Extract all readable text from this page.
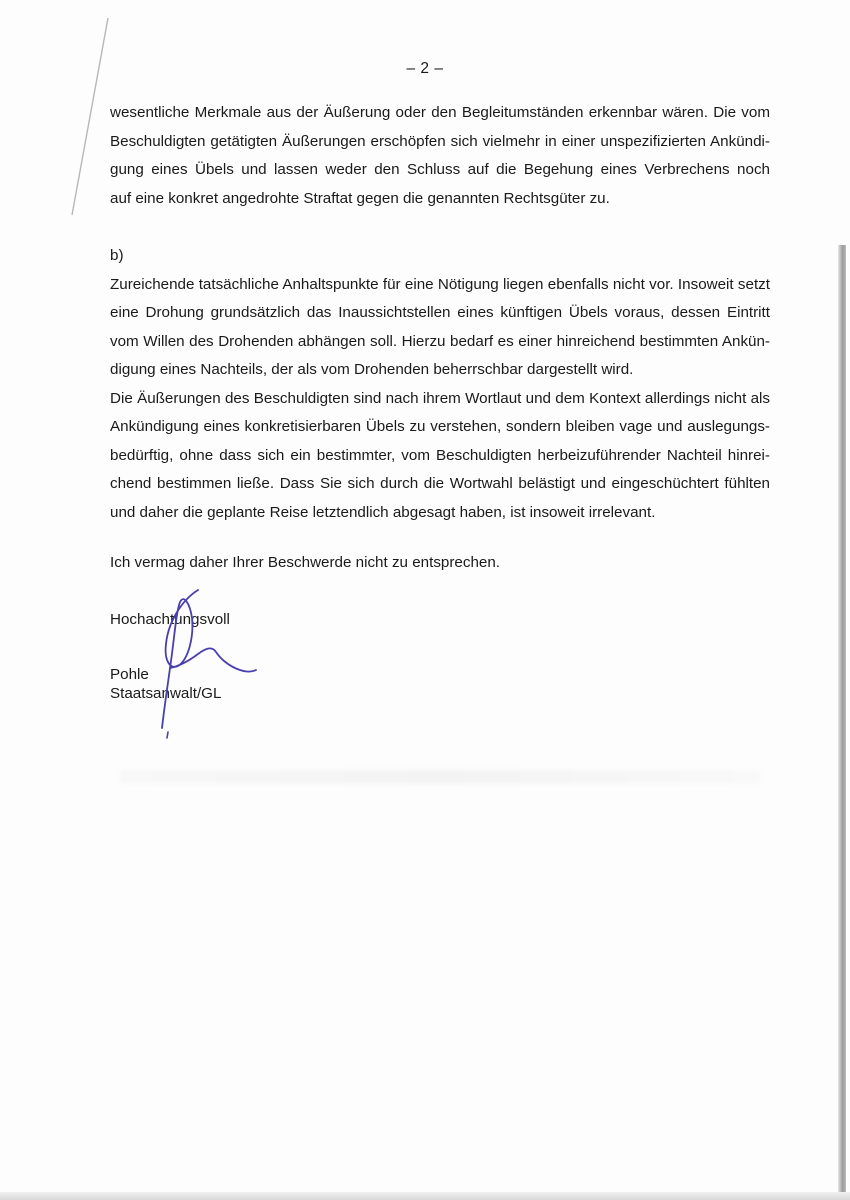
– 2 –
wesentliche Merkmale aus der Äußerung oder den Begleitumständen erkennbar wären. Die vom
Beschuldigten getätigten Äußerungen erschöpfen sich vielmehr in einer unspezifizierten Ankündi-
gung eines Übels und lassen weder den Schluss auf die Begehung eines Verbrechens noch
auf eine konkret angedrohte Straftat gegen die genannten Rechtsgüter zu.
b)
Zureichende tatsächliche Anhaltspunkte für eine Nötigung liegen ebenfalls nicht vor. Insoweit setzt
eine Drohung grundsätzlich das Inaussichtstellen eines künftigen Übels voraus, dessen Eintritt
vom Willen des Drohenden abhängen soll. Hierzu bedarf es einer hinreichend bestimmten Ankün-
digung eines Nachteils, der als vom Drohenden beherrschbar dargestellt wird.
Die Äußerungen des Beschuldigten sind nach ihrem Wortlaut und dem Kontext allerdings nicht als
Ankündigung eines konkretisierbaren Übels zu verstehen, sondern bleiben vage und auslegungs-
bedürftig, ohne dass sich ein bestimmter, vom Beschuldigten herbeizuführender Nachteil hinrei-
chend bestimmen ließe. Dass Sie sich durch die Wortwahl belästigt und eingeschüchtert fühlten
und daher die geplante Reise letztendlich abgesagt haben, ist insoweit irrelevant.
Ich vermag daher Ihrer Beschwerde nicht zu entsprechen.
Hochachtungsvoll
Pohle
Staatsanwalt/GL
